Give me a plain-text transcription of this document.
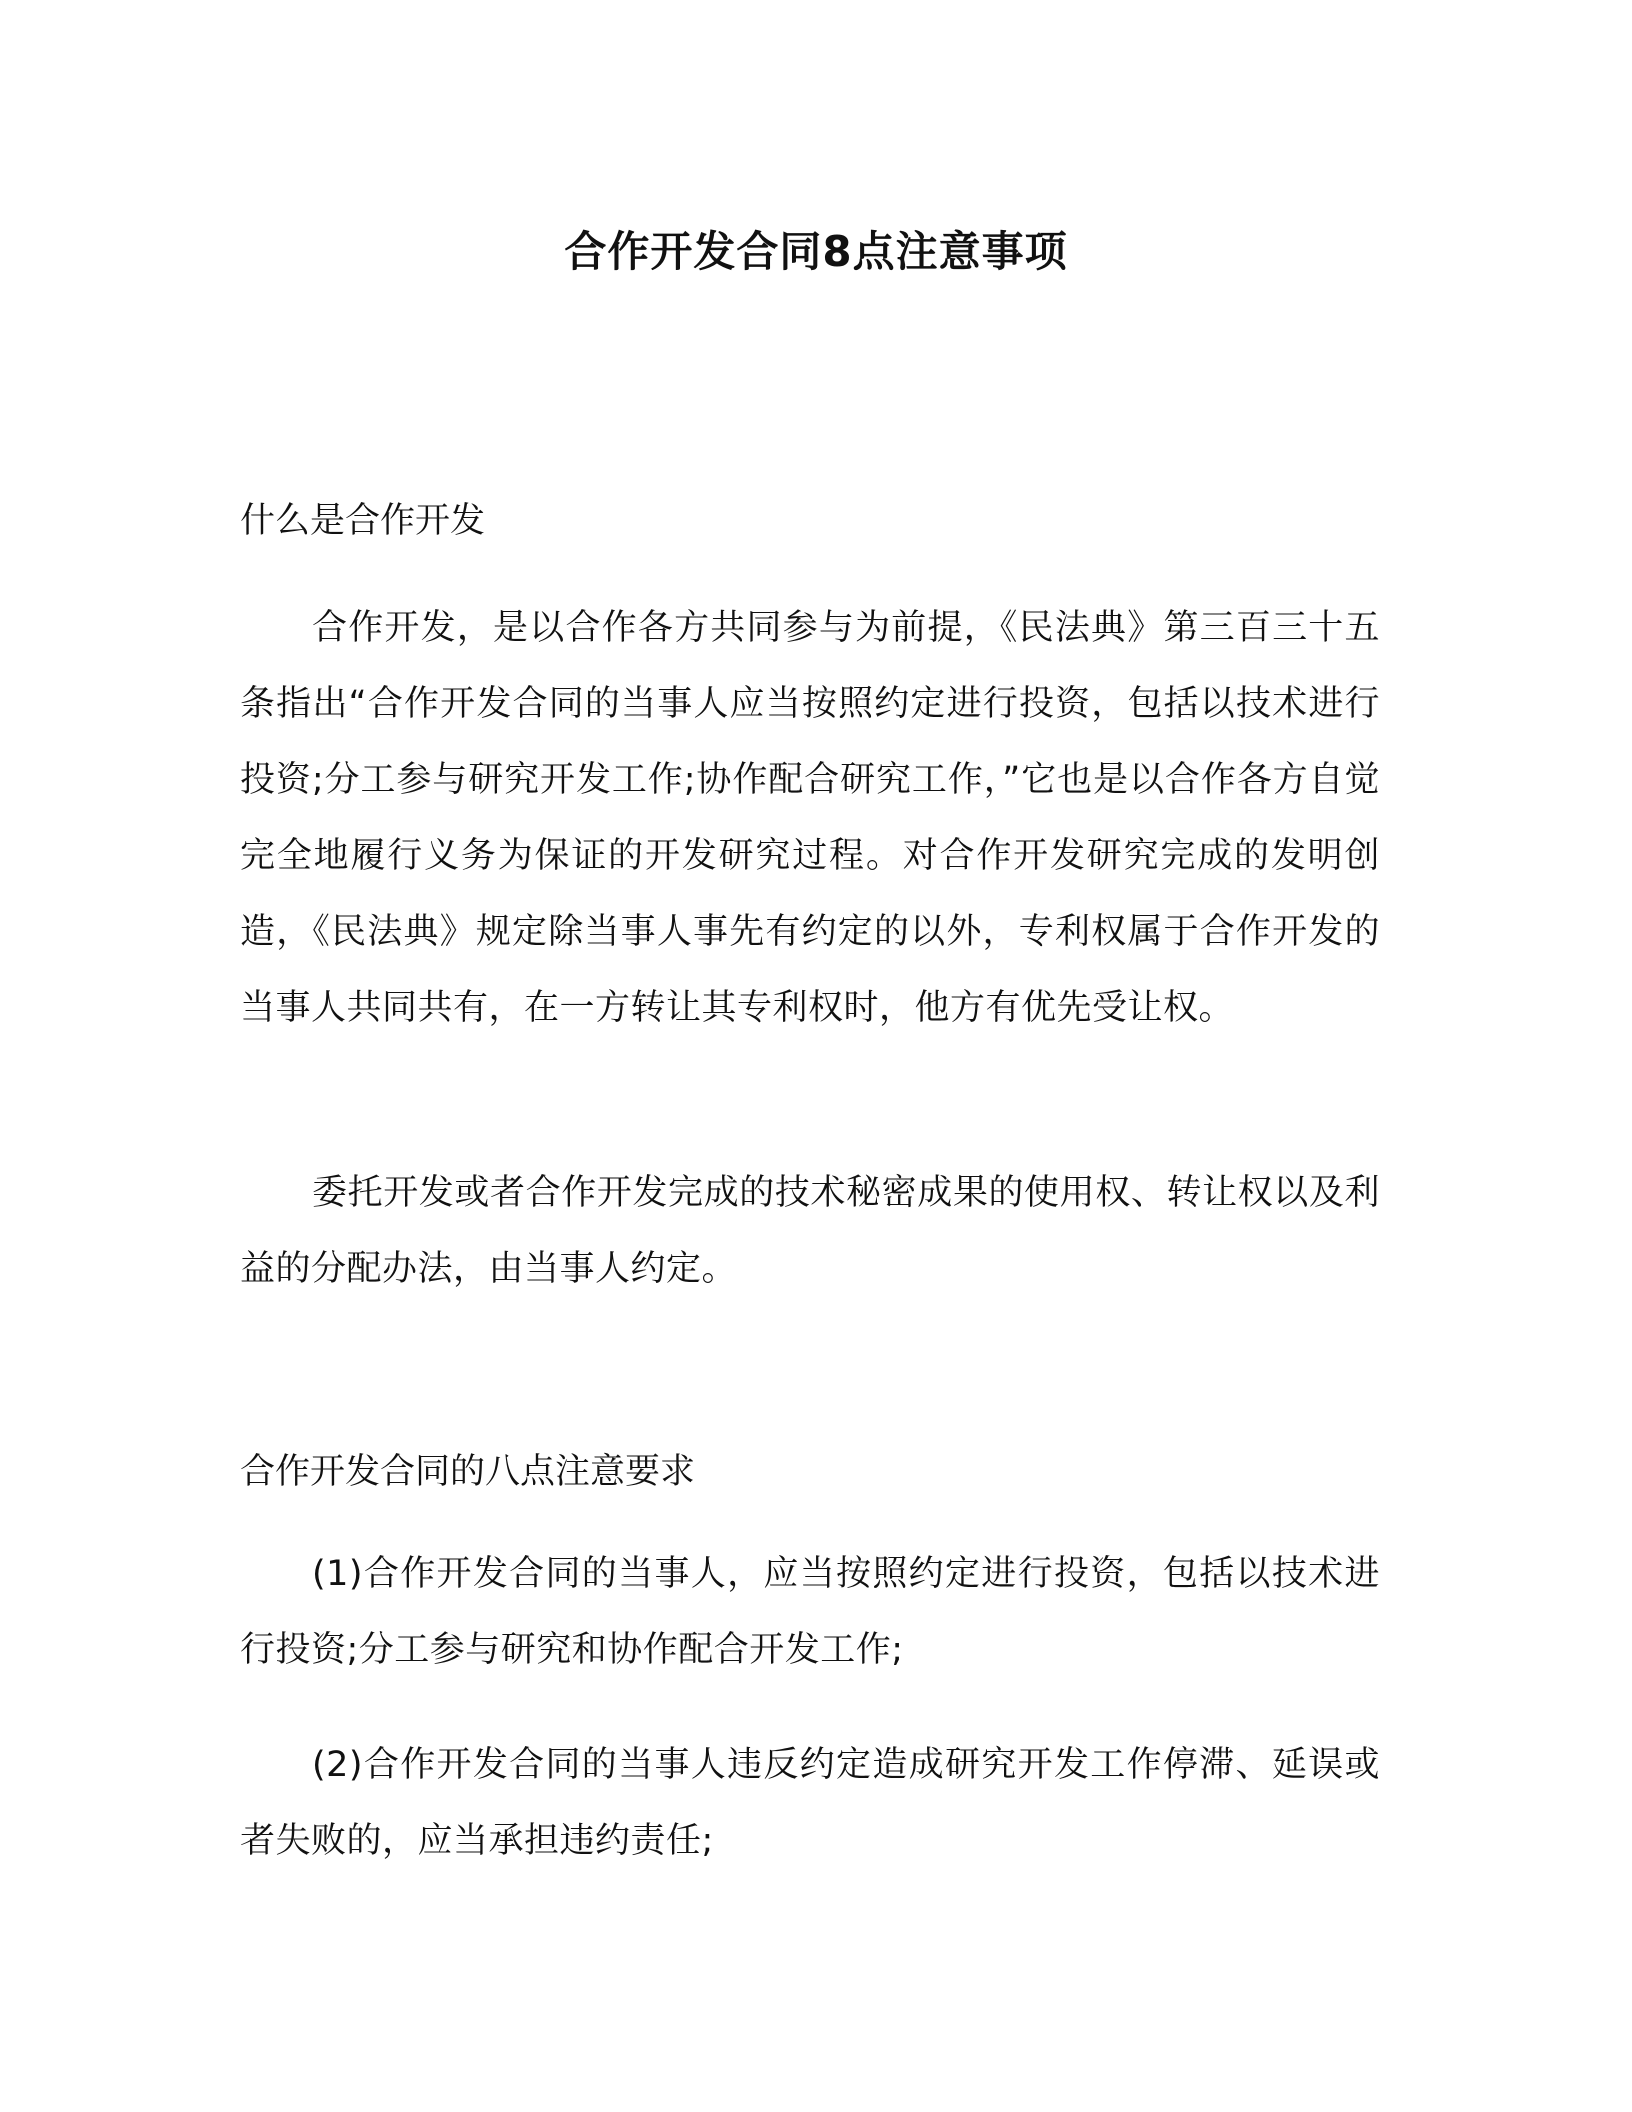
合作开发合同8点注意事项
什么是合作开发
合作开发，是以合作各方共同参与为前提，《民法典》第三百三十五条指出“合作开发合同的当事人应当按照约定进行投资，包括以技术进行投资;分工参与研究开发工作;协作配合研究工作，”它也是以合作各方自觉完全地履行义务为保证的开发研究过程。对合作开发研究完成的发明创造，《民法典》规定除当事人事先有约定的以外，专利权属于合作开发的当事人共同共有，在一方转让其专利权时，他方有优先受让权。
委托开发或者合作开发完成的技术秘密成果的使用权、转让权以及利益的分配办法，由当事人约定。
合作开发合同的八点注意要求
(1)合作开发合同的当事人，应当按照约定进行投资，包括以技术进行投资;分工参与研究和协作配合开发工作;
(2)合作开发合同的当事人违反约定造成研究开发工作停滞、延误或者失败的，应当承担违约责任;
